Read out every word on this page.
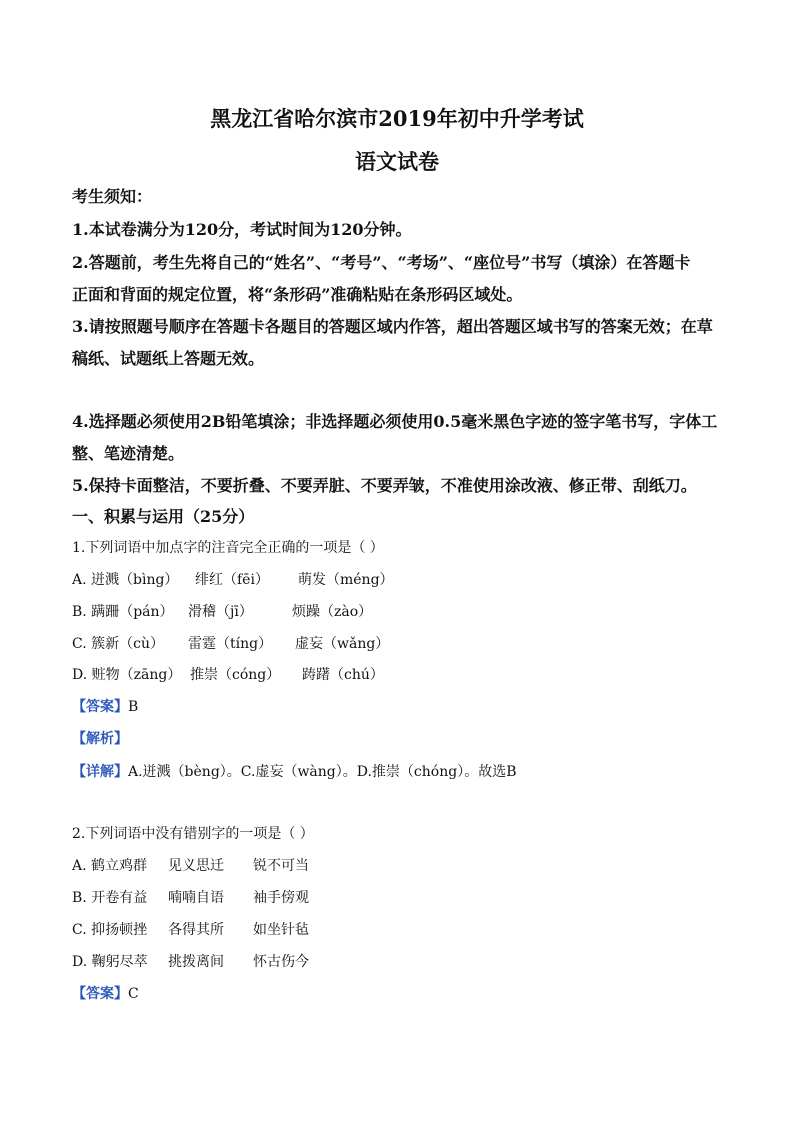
黑龙江省哈尔滨市2019年初中升学考试
语文试卷
考生须知：
1.本试卷满分为120分，考试时间为120分钟。
2.答题前，考生先将自己的“姓名”、“考号”、“考场”、“座位号”书写（填涂）在答题卡
正面和背面的规定位置，将“条形码”准确粘贴在条形码区域处。
3.请按照题号顺序在答题卡各题目的答题区域内作答，超出答题区域书写的答案无效；在草
稿纸、试题纸上答题无效。
4.选择题必须使用2B铅笔填涂；非选择题必须使用0.5毫米黑色字迹的签字笔书写，字体工
整、笔迹清楚。
5.保持卡面整洁，不要折叠、不要弄脏、不要弄皱，不准使用涂改液、修正带、刮纸刀。
一、积累与运用（25分）
1.下列词语中加点字的注音完全正确的一项是（ ）
A. 迸溅（bìng） 绯红（fēi） 萌发（méng）
B. 蹒跚（pán） 滑稽（jī）	烦躁（zào）
C. 簇新（cù） 雷霆（tíng） 虚妄（wǎng）
D. 赃物（zāng） 推崇（cóng） 踌躇（chú）
【答案】B
【解析】
【详解】A.迸溅（bèng）。C.虚妄（wàng）。D.推崇（chóng）。故选B
2.下列词语中没有错别字的一项是（ ）
A. 鹤立鸡群 见义思迁 锐不可当
B. 开卷有益 喃喃自语 袖手傍观
C. 抑扬顿挫 各得其所 如坐针毡
D. 鞠躬尽萃 挑拨离间 怀古伤今
【答案】C
